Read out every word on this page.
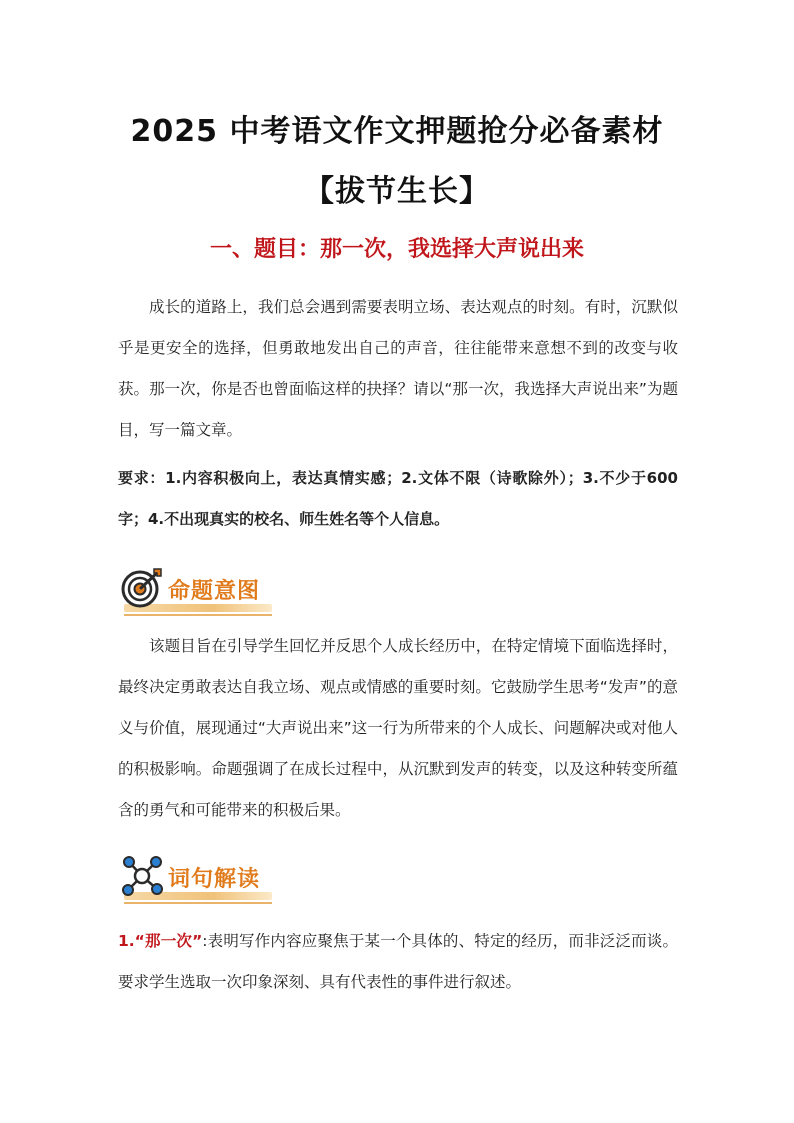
2025 中考语文作文押题抢分必备素材
【拔节生长】
一、题目：那一次，我选择大声说出来
成长的道路上，我们总会遇到需要表明立场、表达观点的时刻。有时，沉默似乎是更安全的选择，但勇敢地发出自己的声音，往往能带来意想不到的改变与收获。那一次，你是否也曾面临这样的抉择？请以“那一次，我选择大声说出来”为题目，写一篇文章。
要求：1.内容积极向上，表达真情实感；2.文体不限（诗歌除外）；3.不少于600 字；4.不出现真实的校名、师生姓名等个人信息。
命题意图
该题目旨在引导学生回忆并反思个人成长经历中，在特定情境下面临选择时，最终决定勇敢表达自我立场、观点或情感的重要时刻。它鼓励学生思考“发声”的意义与价值，展现通过“大声说出来”这一行为所带来的个人成长、问题解决或对他人的积极影响。命题强调了在成长过程中，从沉默到发声的转变，以及这种转变所蕴含的勇气和可能带来的积极后果。
词句解读
1.“那一次”:表明写作内容应聚焦于某一个具体的、特定的经历，而非泛泛而谈。要求学生选取一次印象深刻、具有代表性的事件进行叙述。
